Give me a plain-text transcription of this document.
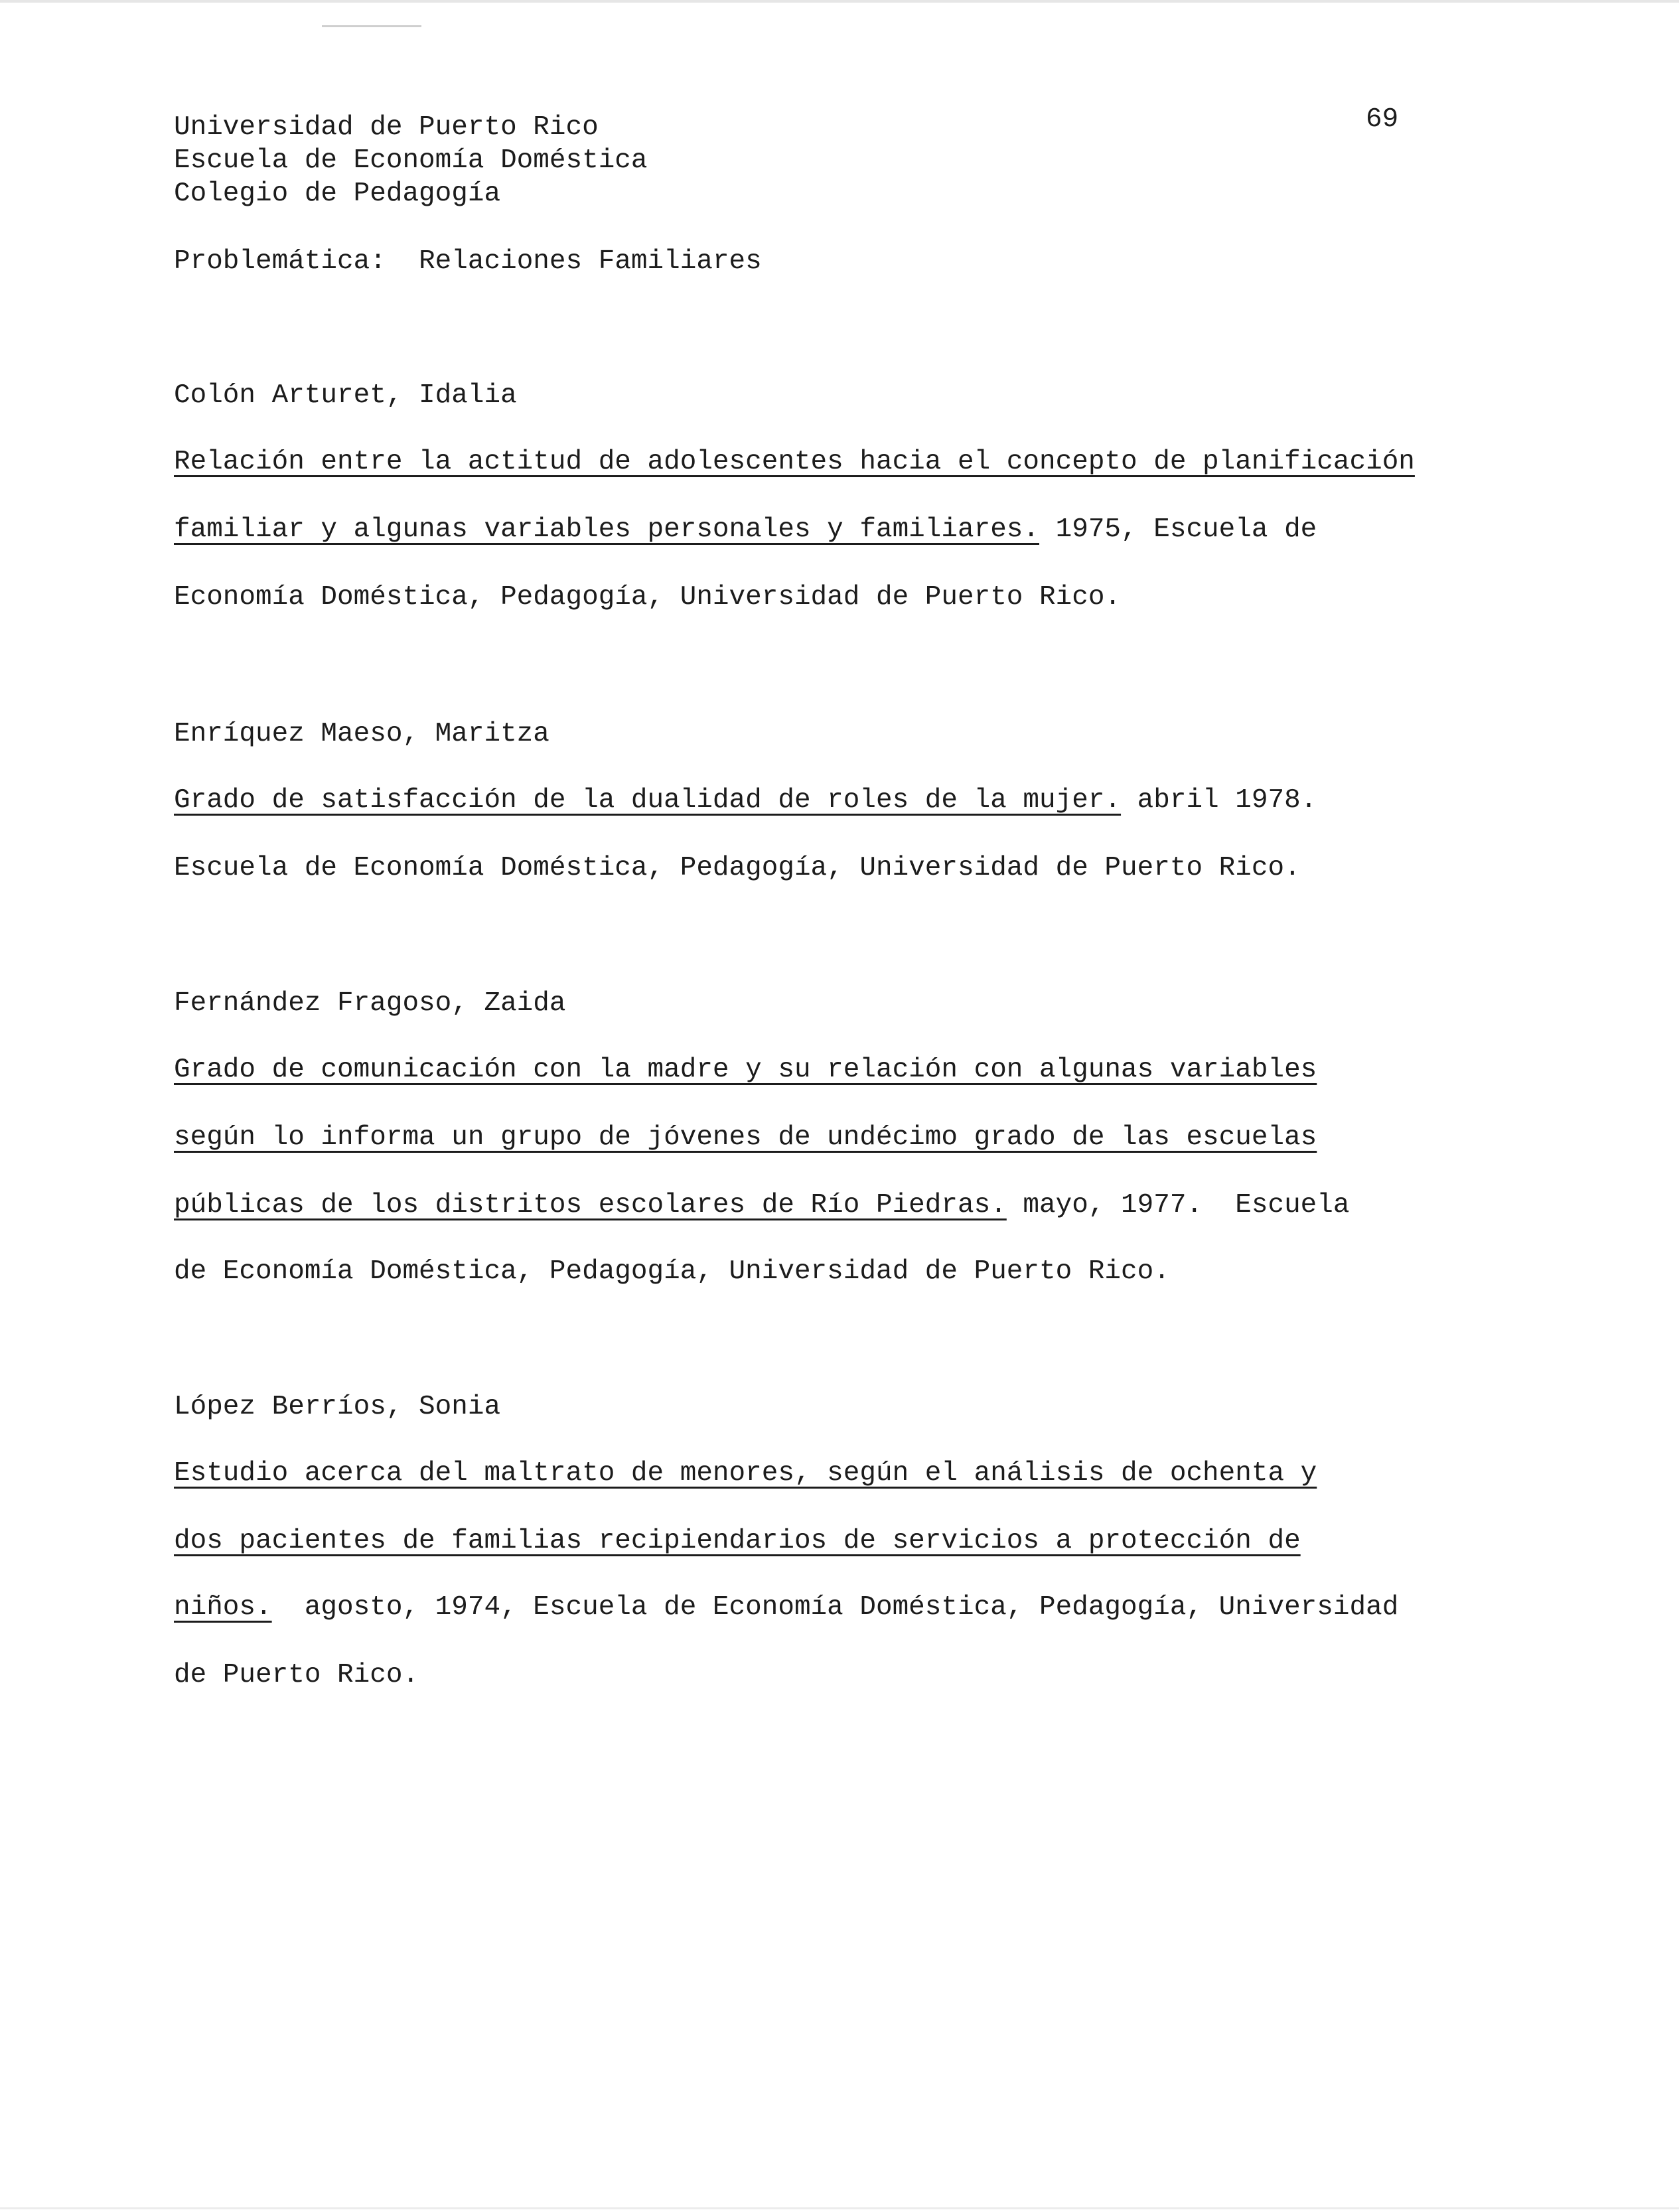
69
Universidad de Puerto Rico
Escuela de Economía Doméstica
Colegio de Pedagogía
Problemática: Relaciones Familiares
Colón Arturet, Idalia
Relación entre la actitud de adolescentes hacia el concepto de planificación
familiar y algunas variables personales y familiares. 1975, Escuela de
Economía Doméstica, Pedagogía, Universidad de Puerto Rico.
Enríquez Maeso, Maritza
Grado de satisfacción de la dualidad de roles de la mujer. abril 1978.
Escuela de Economía Doméstica, Pedagogía, Universidad de Puerto Rico.
Fernández Fragoso, Zaida
Grado de comunicación con la madre y su relación con algunas variables
según lo informa un grupo de jóvenes de undécimo grado de las escuelas
públicas de los distritos escolares de Río Piedras. mayo, 1977.  Escuela
de Economía Doméstica, Pedagogía, Universidad de Puerto Rico.
López Berríos, Sonia
Estudio acerca del maltrato de menores, según el análisis de ochenta y
dos pacientes de familias recipiendarios de servicios a protección de
niños.  agosto, 1974, Escuela de Economía Doméstica, Pedagogía, Universidad
de Puerto Rico.
